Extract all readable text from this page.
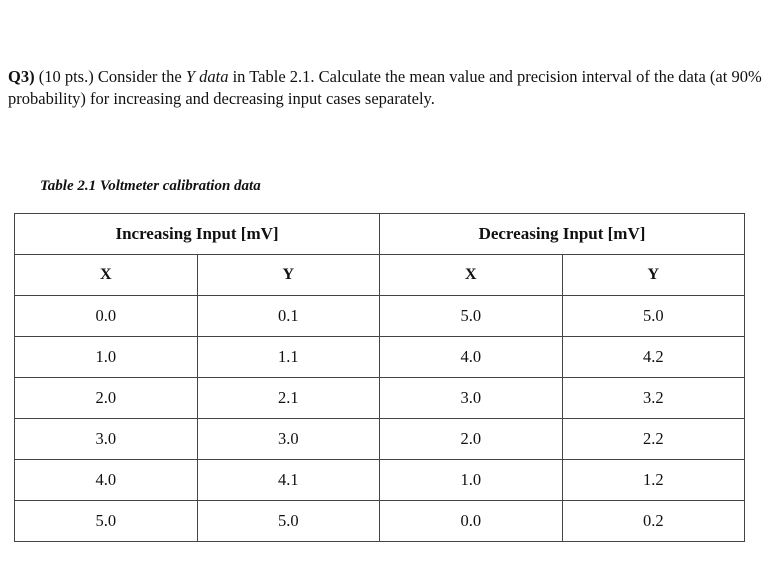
Q3) (10 pts.) Consider the Y data in Table 2.1. Calculate the mean value and precision interval of the data (at 90% probability) for increasing and decreasing input cases separately.
Table 2.1 Voltmeter calibration data
Increasing Input [mV]		Decreasing Input [mV]	
X	Y	X	Y
0.0	0.1	5.0	5.0
1.0	1.1	4.0	4.2
2.0	2.1	3.0	3.2
3.0	3.0	2.0	2.2
4.0	4.1	1.0	1.2
5.0	5.0	0.0	0.2
